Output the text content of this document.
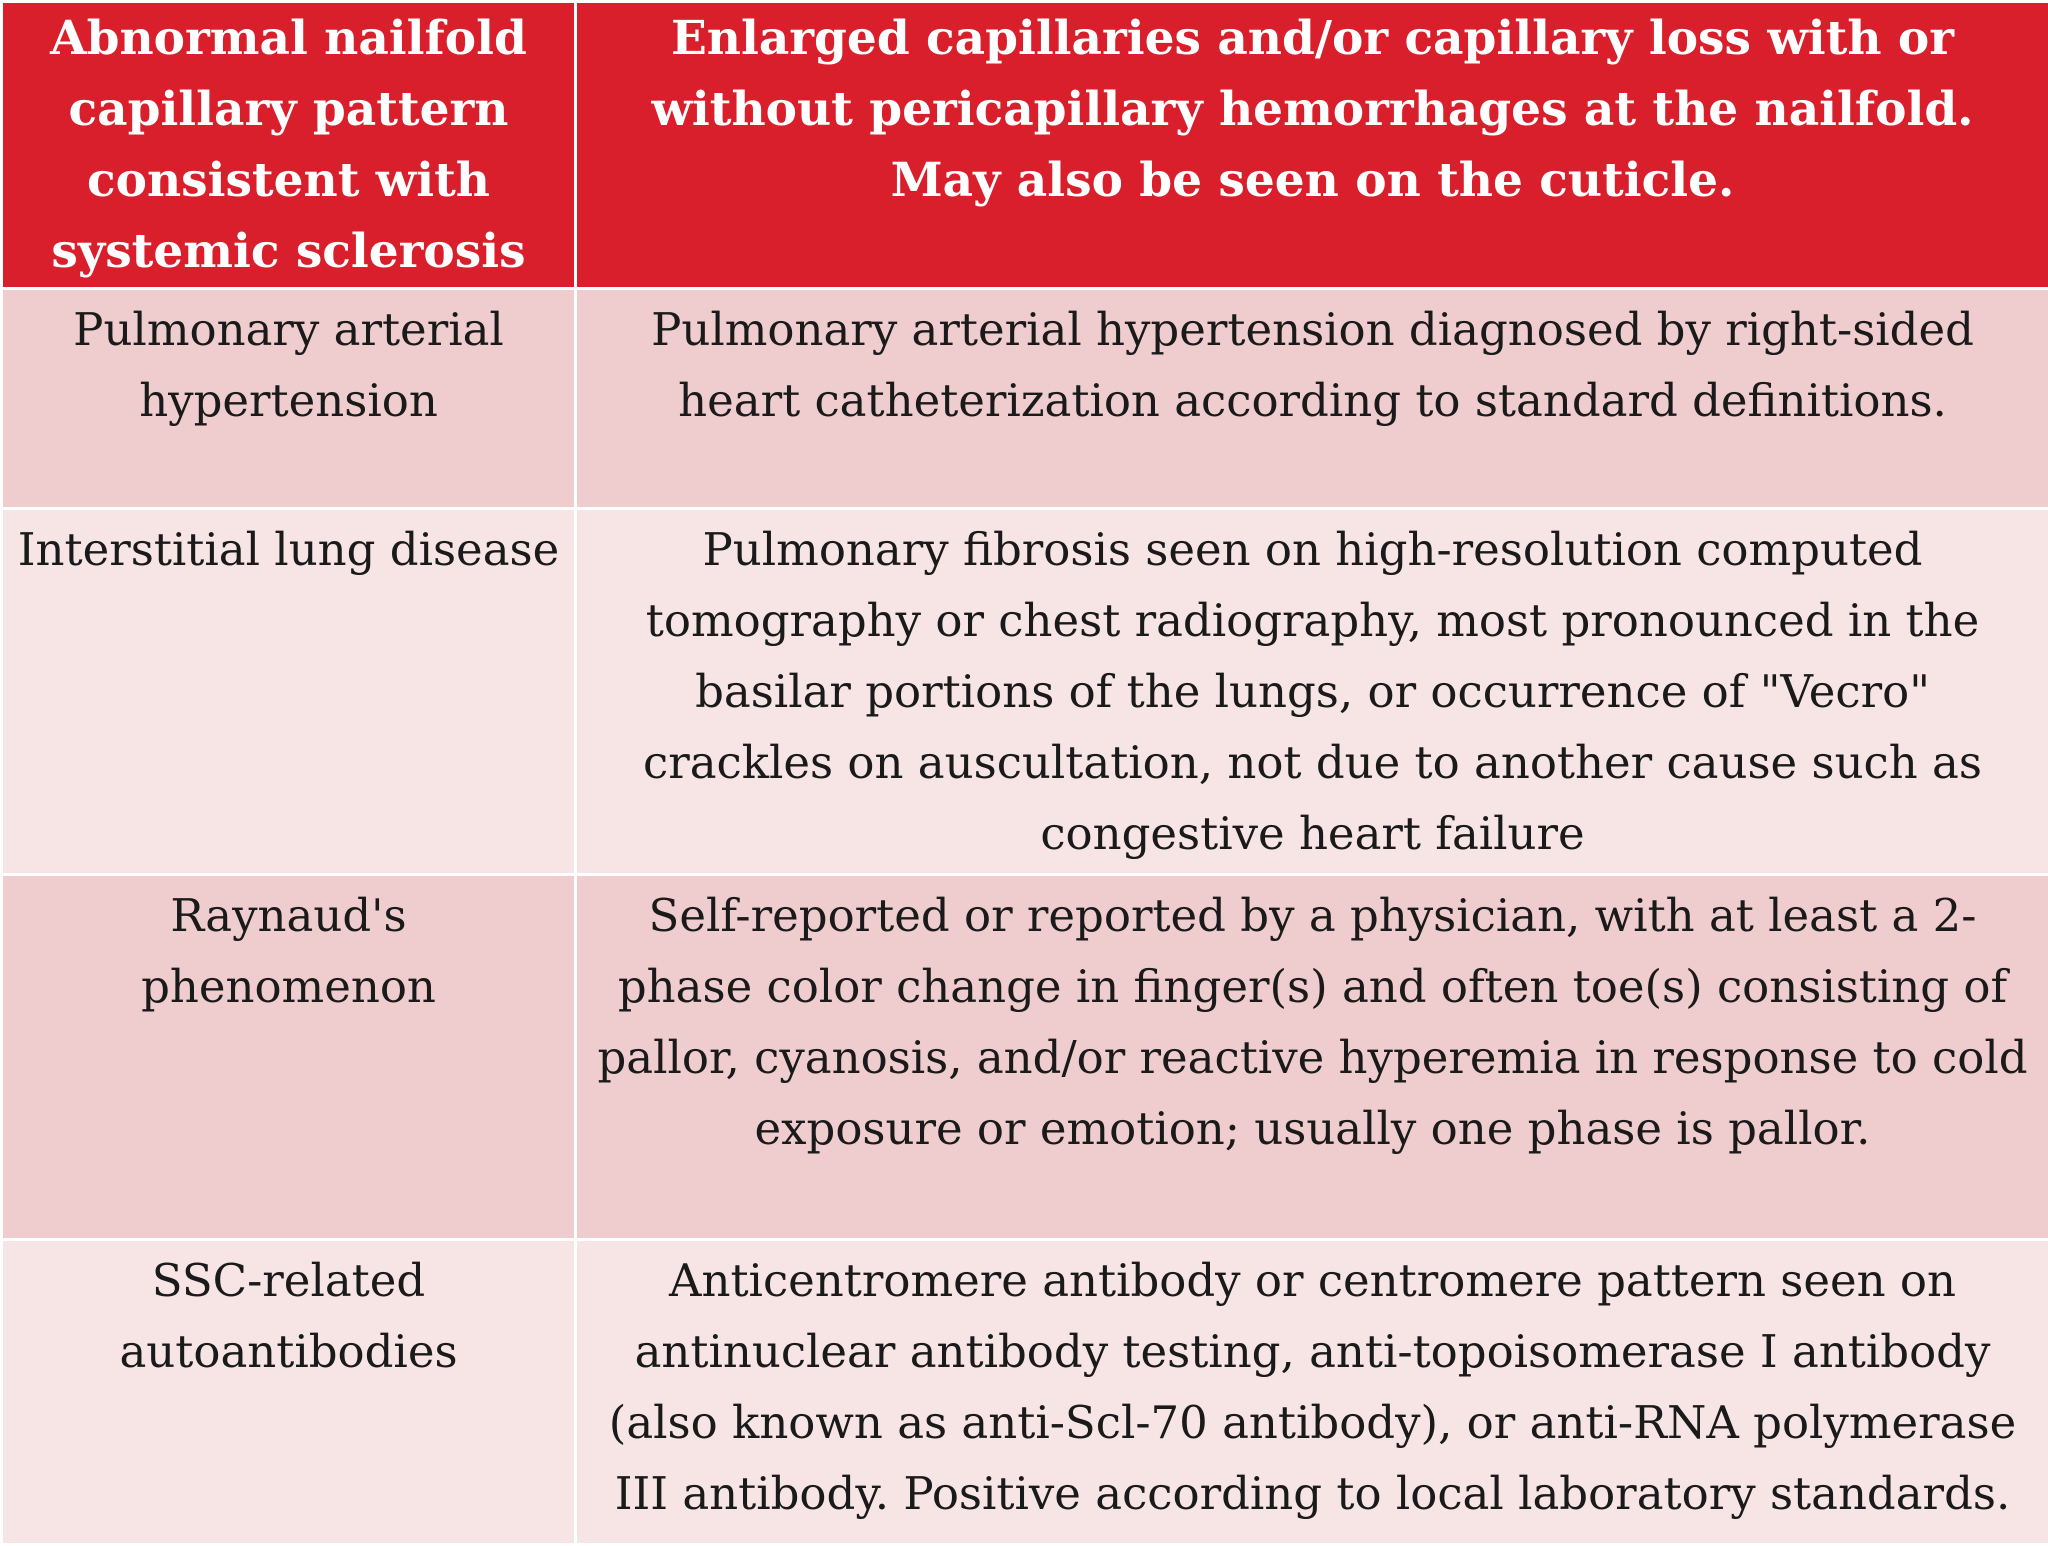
Abnormal nailfold capillary pattern consistent with systemic sclerosis	Enlarged capillaries and/or capillary loss with or without pericapillary hemorrhages at the nailfold. May also be seen on the cuticle.
Pulmonary arterial hypertension	Pulmonary arterial hypertension diagnosed by right-sided heart catheterization according to standard definitions.
Interstitial lung disease	Pulmonary fibrosis seen on high-resolution computed tomography or chest radiography, most pronounced in the basilar portions of the lungs, or occurrence of "Vecro" crackles on auscultation, not due to another cause such as congestive heart failure
Raynaud's phenomenon	Self-reported or reported by a physician, with at least a 2-phase color change in finger(s) and often toe(s) consisting of pallor, cyanosis, and/or reactive hyperemia in response to cold exposure or emotion; usually one phase is pallor.
SSC-related autoantibodies	Anticentromere antibody or centromere pattern seen on antinuclear antibody testing, anti-topoisomerase I antibody (also known as anti-Scl-70 antibody), or anti-RNA polymerase III antibody. Positive according to local laboratory standards.
